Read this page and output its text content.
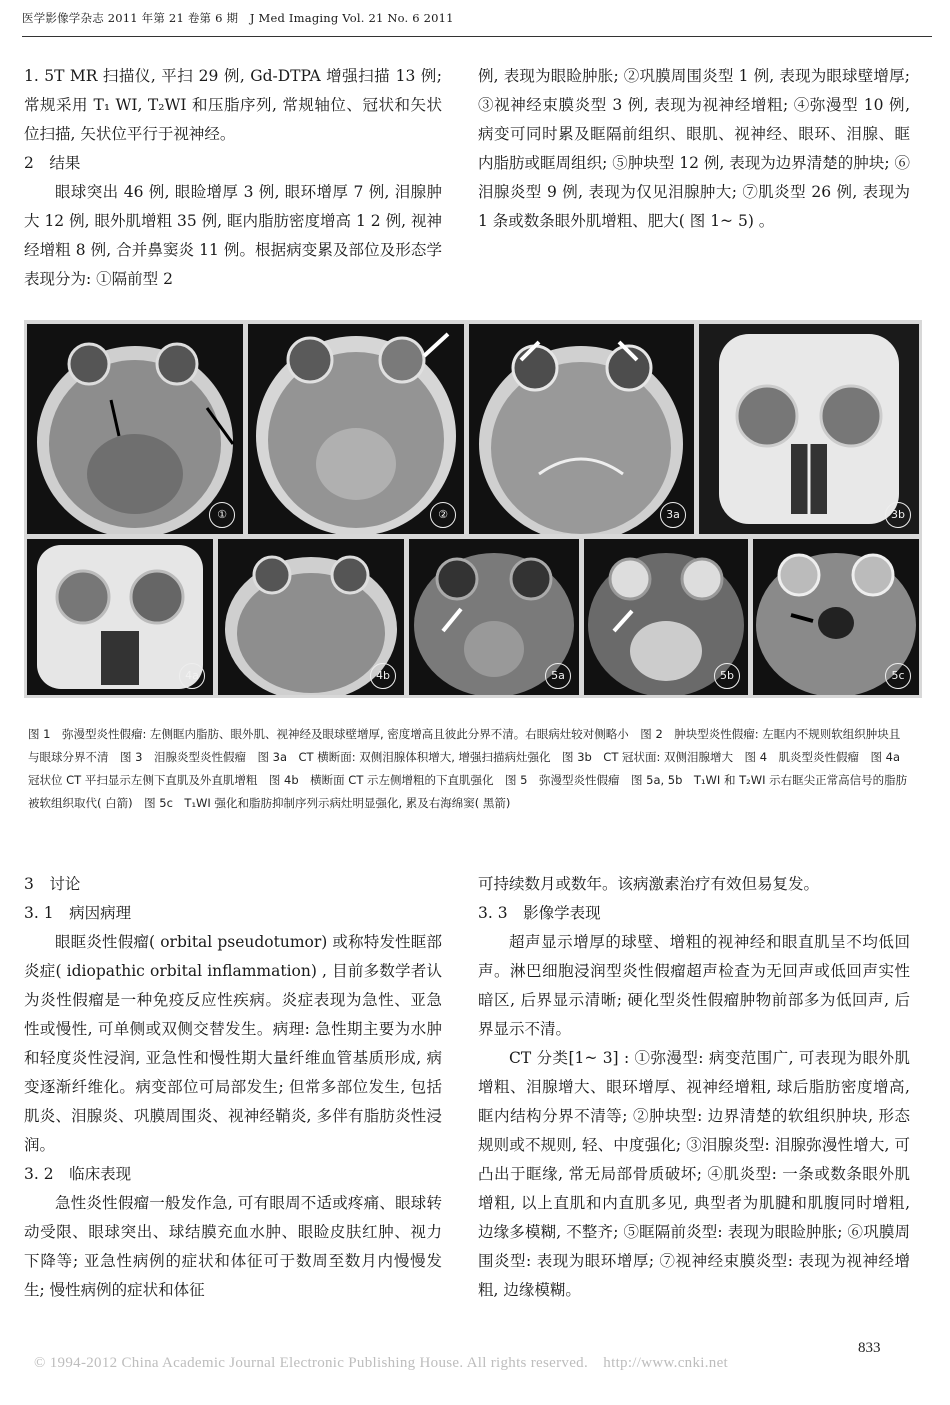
医学影像学杂志 2011 年第 21 卷第 6 期　J Med Imaging Vol. 21 No. 6 2011

1. 5T MR 扫描仪, 平扫 29 例, Gd-DTPA 增强扫描 13 例; 常规采用 T₁ WI, T₂WI 和压脂序列, 常规轴位、冠状和矢状位扫描, 矢状位平行于视神经。

2　结果

眼球突出 46 例, 眼睑增厚 3 例, 眼环增厚 7 例, 泪腺肿大 12 例, 眼外肌增粗 35 例, 眶内脂肪密度增高 1 2 例, 视神经增粗 8 例, 合并鼻窦炎 11 例。根据病变累及部位及形态学表现分为: ①隔前型 2

例, 表现为眼睑肿胀; ②巩膜周围炎型 1 例, 表现为眼球壁增厚; ③视神经束膜炎型 3 例, 表现为视神经增粗; ④弥漫型 10 例, 病变可同时累及眶隔前组织、眼肌、视神经、眼环、泪腺、眶内脂肪或眶周组织; ⑤肿块型 12 例, 表现为边界清楚的肿块; ⑥泪腺炎型 9 例, 表现为仅见泪腺肿大; ⑦肌炎型 26 例, 表现为 1 条或数条眼外肌增粗、肥大( 图 1~ 5) 。

①	②	3a	3b
4a	4b	5a	5b	5c
图 1　弥漫型炎性假瘤: 左侧眶内脂肪、眼外肌、视神经及眼球壁增厚, 密度增高且彼此分界不清。右眼病灶较对侧略小　图 2　肿块型炎性假瘤: 左眶内不规则软组织肿块且与眼球分界不清　图 3　泪腺炎型炎性假瘤　图 3a　CT 横断面: 双侧泪腺体积增大, 增强扫描病灶强化　图 3b　CT 冠状面: 双侧泪腺增大　图 4　肌炎型炎性假瘤　图 4a　冠状位 CT 平扫显示左侧下直肌及外直肌增粗　图 4b　横断面 CT 示左侧增粗的下直肌强化　图 5　弥漫型炎性假瘤　图 5a, 5b　T₁WI 和 T₂WI 示右眶尖正常高信号的脂肪被软组织取代( 白箭)　图 5c　T₁WI 强化和脂肪抑制序列示病灶明显强化, 累及右海绵窦( 黑箭)

3　讨论

3. 1　病因病理

眼眶炎性假瘤( orbital pseudotumor) 或称特发性眶部炎症( idiopathic orbital inflammation) , 目前多数学者认为炎性假瘤是一种免疫反应性疾病。炎症表现为急性、亚急性或慢性, 可单侧或双侧交替发生。病理: 急性期主要为水肿和轻度炎性浸润, 亚急性和慢性期大量纤维血管基质形成, 病变逐渐纤维化。病变部位可局部发生; 但常多部位发生, 包括肌炎、泪腺炎、巩膜周围炎、视神经鞘炎, 多伴有脂肪炎性浸润。

3. 2　临床表现

急性炎性假瘤一般发作急, 可有眼周不适或疼痛、眼球转动受限、眼球突出、球结膜充血水肿、眼睑皮肤红肿、视力下降等; 亚急性病例的症状和体征可于数周至数月内慢慢发生; 慢性病例的症状和体征

可持续数月或数年。该病激素治疗有效但易复发。

3. 3　影像学表现

超声显示增厚的球壁、增粗的视神经和眼直肌呈不均低回声。淋巴细胞浸润型炎性假瘤超声检查为无回声或低回声实性暗区, 后界显示清晰; 硬化型炎性假瘤肿物前部多为低回声, 后界显示不清。

CT 分类[1~ 3] : ①弥漫型: 病变范围广, 可表现为眼外肌增粗、泪腺增大、眼环增厚、视神经增粗, 球后脂肪密度增高, 眶内结构分界不清等; ②肿块型: 边界清楚的软组织肿块, 形态规则或不规则, 轻、中度强化; ③泪腺炎型: 泪腺弥漫性增大, 可凸出于眶缘, 常无局部骨质破坏; ④肌炎型: 一条或数条眼外肌增粗, 以上直肌和内直肌多见, 典型者为肌腱和肌腹同时增粗, 边缘多模糊, 不整齐; ⑤眶隔前炎型: 表现为眼睑肿胀; ⑥巩膜周围炎型: 表现为眼环增厚; ⑦视神经束膜炎型: 表现为视神经增粗, 边缘模糊。

© 1994-2012 China Academic Journal Electronic Publishing House. All rights reserved.　http://www.cnki.net
833
